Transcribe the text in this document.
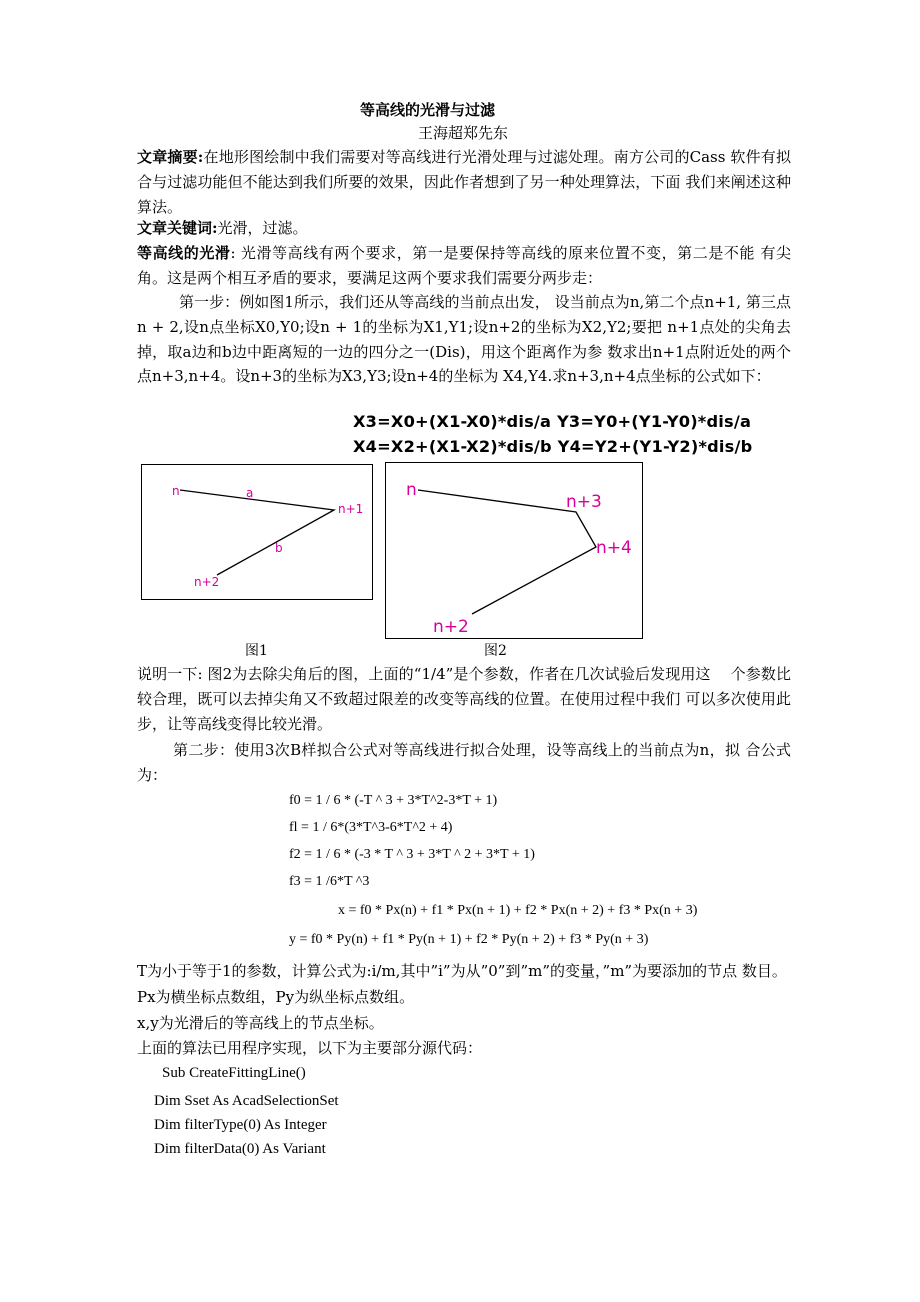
等高线的光滑与过滤
王海超郑先东
文章摘要:在地形图绘制中我们需要对等高线进行光滑处理与过滤处理。南方公司的Cass 软件有拟合与过滤功能但不能达到我们所要的效果，因此作者想到了另一种处理算法，下面 我们来阐述这种算法。
文章关键词:光滑，过滤。
等高线的光滑: 光滑等高线有两个要求，第一是要保持等高线的原来位置不变，第二是不能 有尖角。这是两个相互矛盾的要求，要满足这两个要求我们需要分两步走：
第一步：例如图1所示，我们还从等高线的当前点出发， 设当前点为n,第二个点n+1, 第三点n + 2,设n点坐标X0,Y0;设n + 1的坐标为X1,Y1;设n+2的坐标为X2,Y2;要把 n+1点处的尖角去掉，取a边和b边中距离短的一边的四分之一(Dis)，用这个距离作为参 数求出n+1点附近处的两个点n+3,n+4。设n+3的坐标为X3,Y3;设n+4的坐标为 X4,Y4.求n+3,n+4点坐标的公式如下：
X3=X0+(X1-X0)*dis/a Y3=Y0+(Y1-Y0)*dis/a
X4=X2+(X1-X2)*dis/b Y4=Y2+(Y1-Y2)*dis/b
n	a
n+1
b
n+2
n
n+3
n+4
n+2
图1	图2
说明一下: 图2为去除尖角后的图，上面的“1/4”是个参数，作者在几次试验后发现用这　 个参数比较合理，既可以去掉尖角又不致超过限差的改变等高线的位置。在使用过程中我们 可以多次使用此步，让等高线变得比较光滑。
第二步：使用3次B样拟合公式对等高线进行拟合处理，设等高线上的当前点为n，拟 合公式为：
f0 = 1 / 6 * (-T ^ 3 + 3*T^2-3*T + 1)
fl = 1 / 6*(3*T^3-6*T^2 + 4)
f2 = 1 / 6 * (-3 * T ^ 3 + 3*T ^ 2 + 3*T + 1)
f3 = 1 /6*T ^3
x = f0 * Px(n) + f1 * Px(n + 1) + f2 * Px(n + 2) + f3 * Px(n + 3)
y = f0 * Py(n) + f1 * Py(n + 1) + f2 * Py(n + 2) + f3 * Py(n + 3)
T为小于等于1的参数，计算公式为:i/m,其中”i”为从”0”到”m”的变量，”m”为要添加的节点 数目。
Px为横坐标点数组，Py为纵坐标点数组。
x,y为光滑后的等高线上的节点坐标。
上面的算法已用程序实现，以下为主要部分源代码：
Sub CreateFittingLine()
Dim Sset As AcadSelectionSet
Dim filterType(0) As Integer
Dim filterData(0) As Variant
